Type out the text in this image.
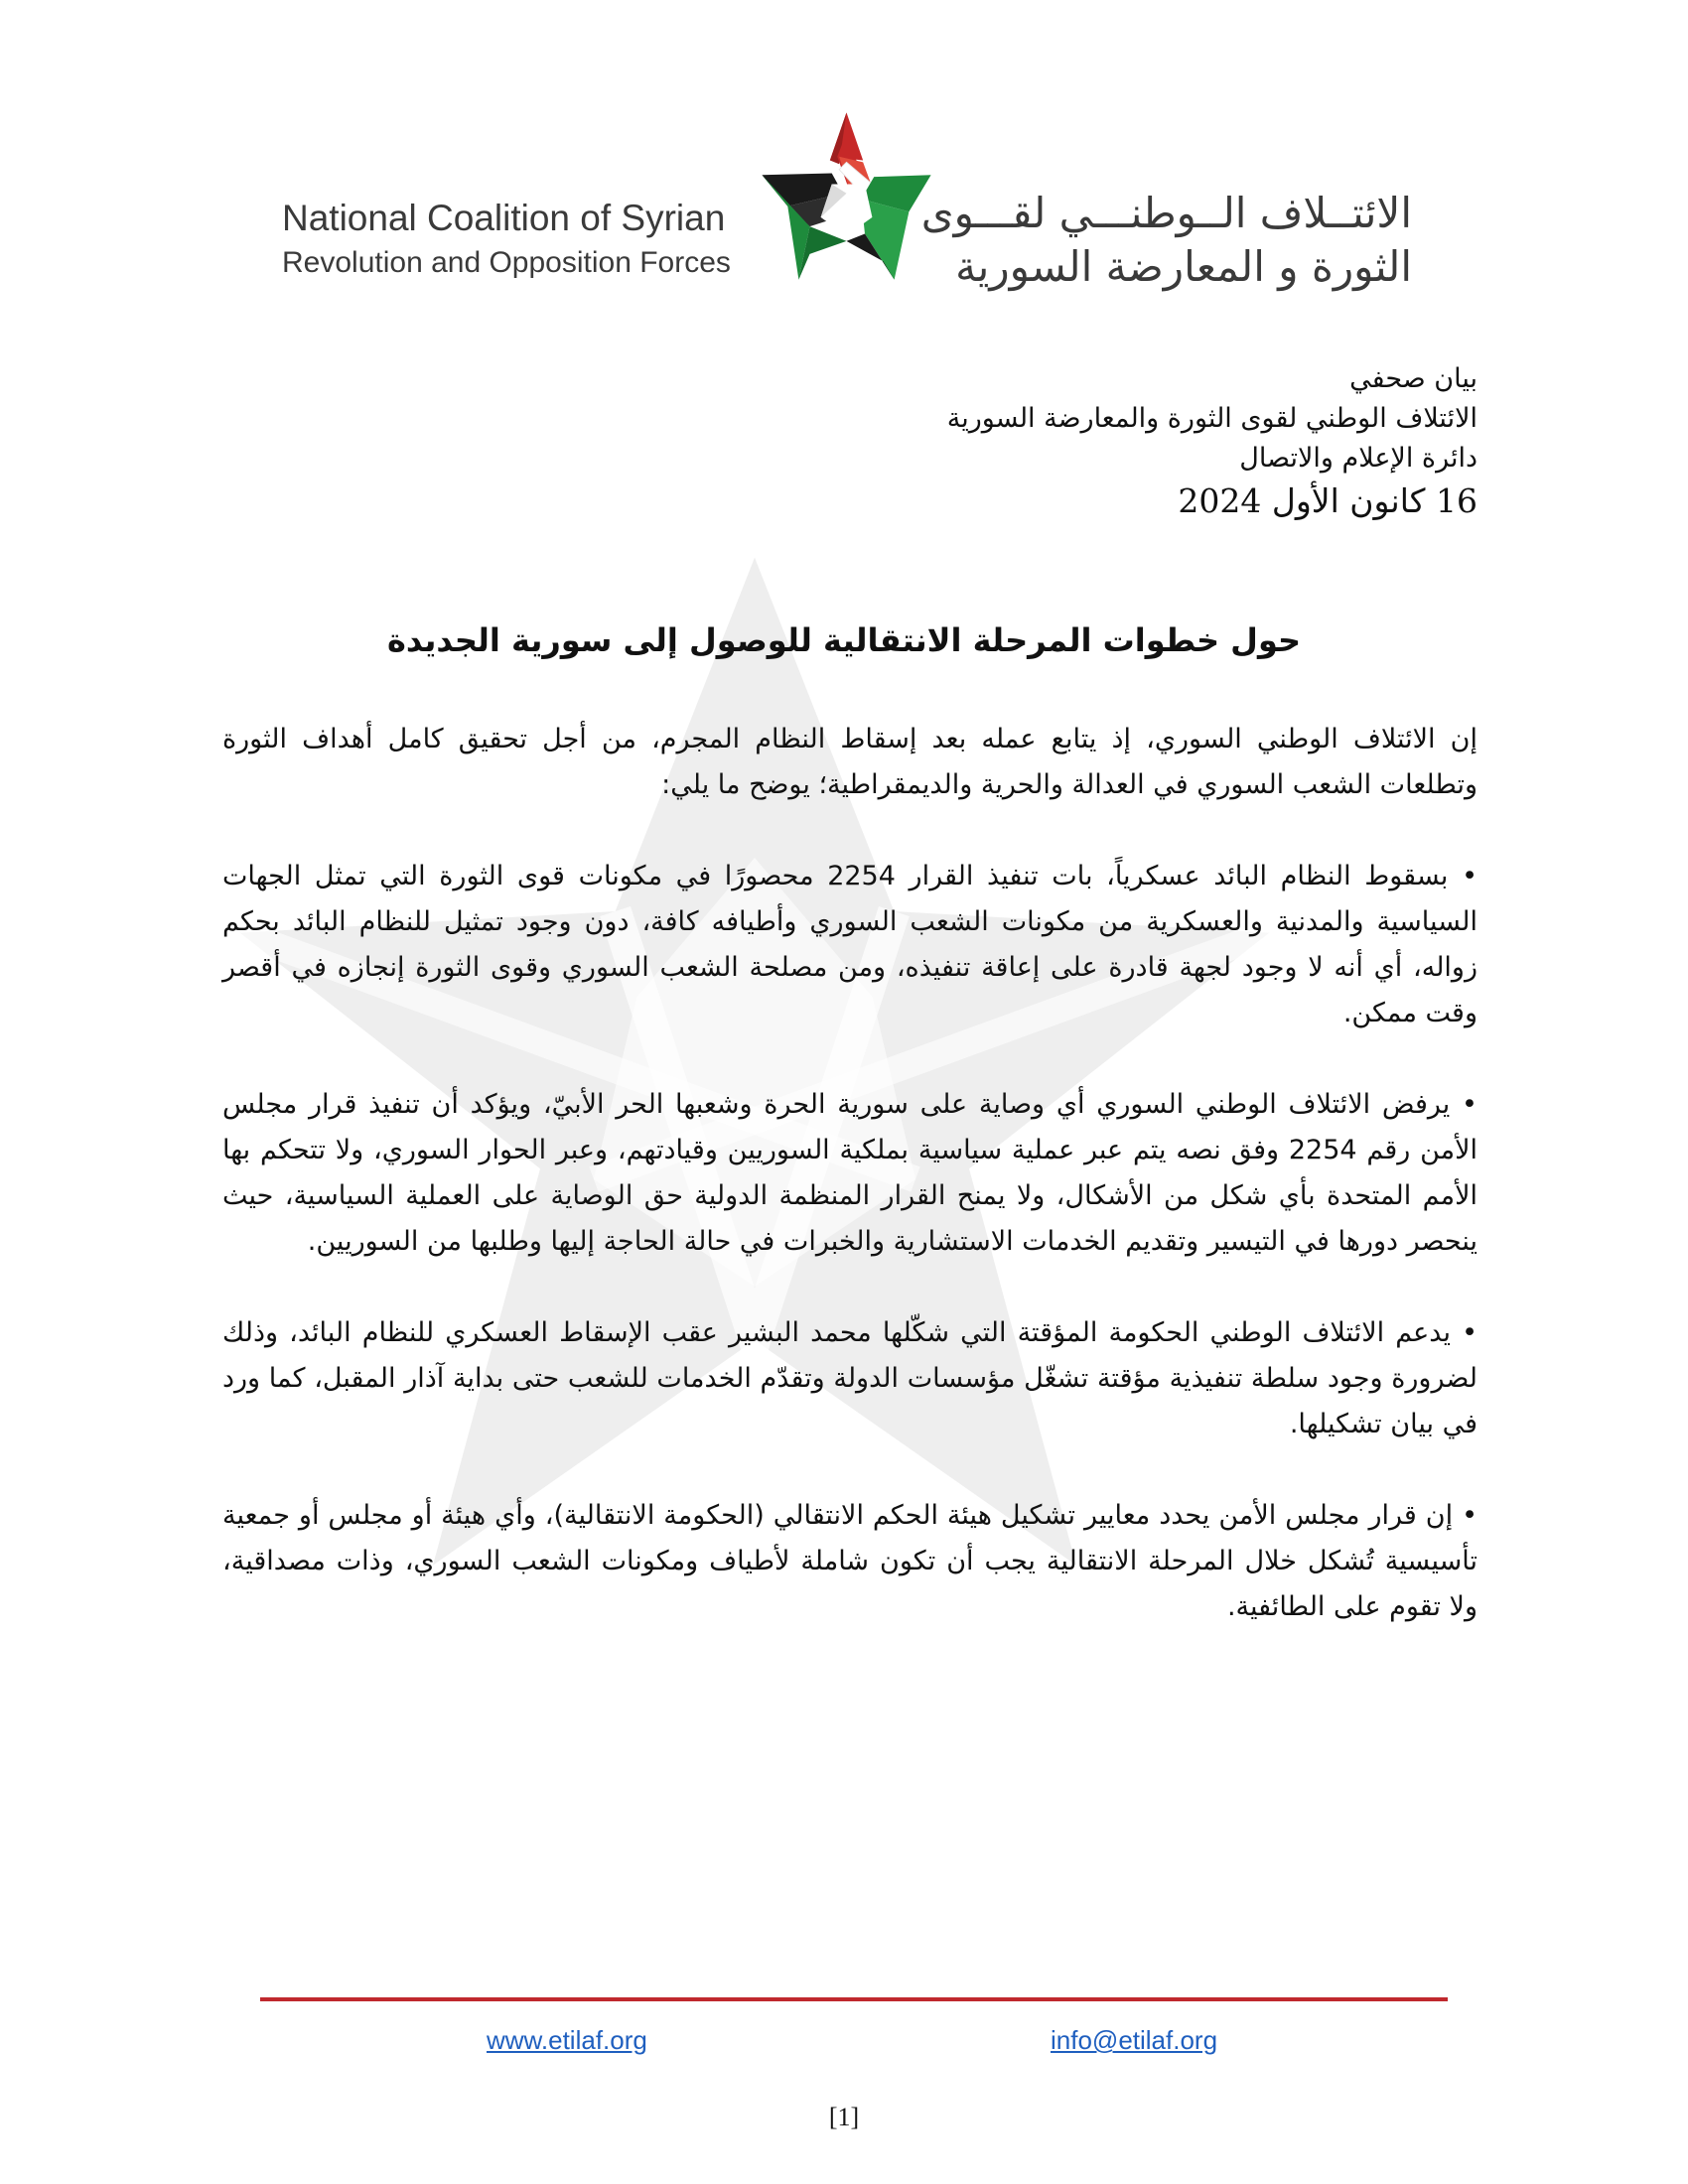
National Coalition of Syrian
Revolution and Opposition Forces
الائتــلاف الــوطنـــي لقـــوى
الثورة و المعارضة السورية
بيان صحفي
الائتلاف الوطني لقوى الثورة والمعارضة السورية
دائرة الإعلام والاتصال
16 كانون الأول 2024
حول خطوات المرحلة الانتقالية للوصول إلى سورية الجديدة

إن الائتلاف الوطني السوري، إذ يتابع عمله بعد إسقاط النظام المجرم، من أجل تحقيق كامل أهداف الثورة وتطلعات الشعب السوري في العدالة والحرية والديمقراطية؛ يوضح ما يلي:

• بسقوط النظام البائد عسكرياً، بات تنفيذ القرار 2254 محصورًا في مكونات قوى الثورة التي تمثل الجهات السياسية والمدنية والعسكرية من مكونات الشعب السوري وأطيافه كافة، دون وجود تمثيل للنظام البائد بحكم زواله، أي أنه لا وجود لجهة قادرة على إعاقة تنفيذه، ومن مصلحة الشعب السوري وقوى الثورة إنجازه في أقصر وقت ممكن.

• يرفض الائتلاف الوطني السوري أي وصاية على سورية الحرة وشعبها الحر الأبيّ، ويؤكد أن تنفيذ قرار مجلس الأمن رقم 2254 وفق نصه يتم عبر عملية سياسية بملكية السوريين وقيادتهم، وعبر الحوار السوري، ولا تتحكم بها الأمم المتحدة بأي شكل من الأشكال، ولا يمنح القرار المنظمة الدولية حق الوصاية على العملية السياسية، حيث ينحصر دورها في التيسير وتقديم الخدمات الاستشارية والخبرات في حالة الحاجة إليها وطلبها من السوريين.

• يدعم الائتلاف الوطني الحكومة المؤقتة التي شكّلها محمد البشير عقب الإسقاط العسكري للنظام البائد، وذلك لضرورة وجود سلطة تنفيذية مؤقتة تشغّل مؤسسات الدولة وتقدّم الخدمات للشعب حتى بداية آذار المقبل، كما ورد في بيان تشكيلها.

• إن قرار مجلس الأمن يحدد معايير تشكيل هيئة الحكم الانتقالي (الحكومة الانتقالية)، وأي هيئة أو مجلس أو جمعية تأسيسية تُشكل خلال المرحلة الانتقالية يجب أن تكون شاملة لأطياف ومكونات الشعب السوري، وذات مصداقية، ولا تقوم على الطائفية.

www.etilaf.org	info@etilaf.org
[1]
